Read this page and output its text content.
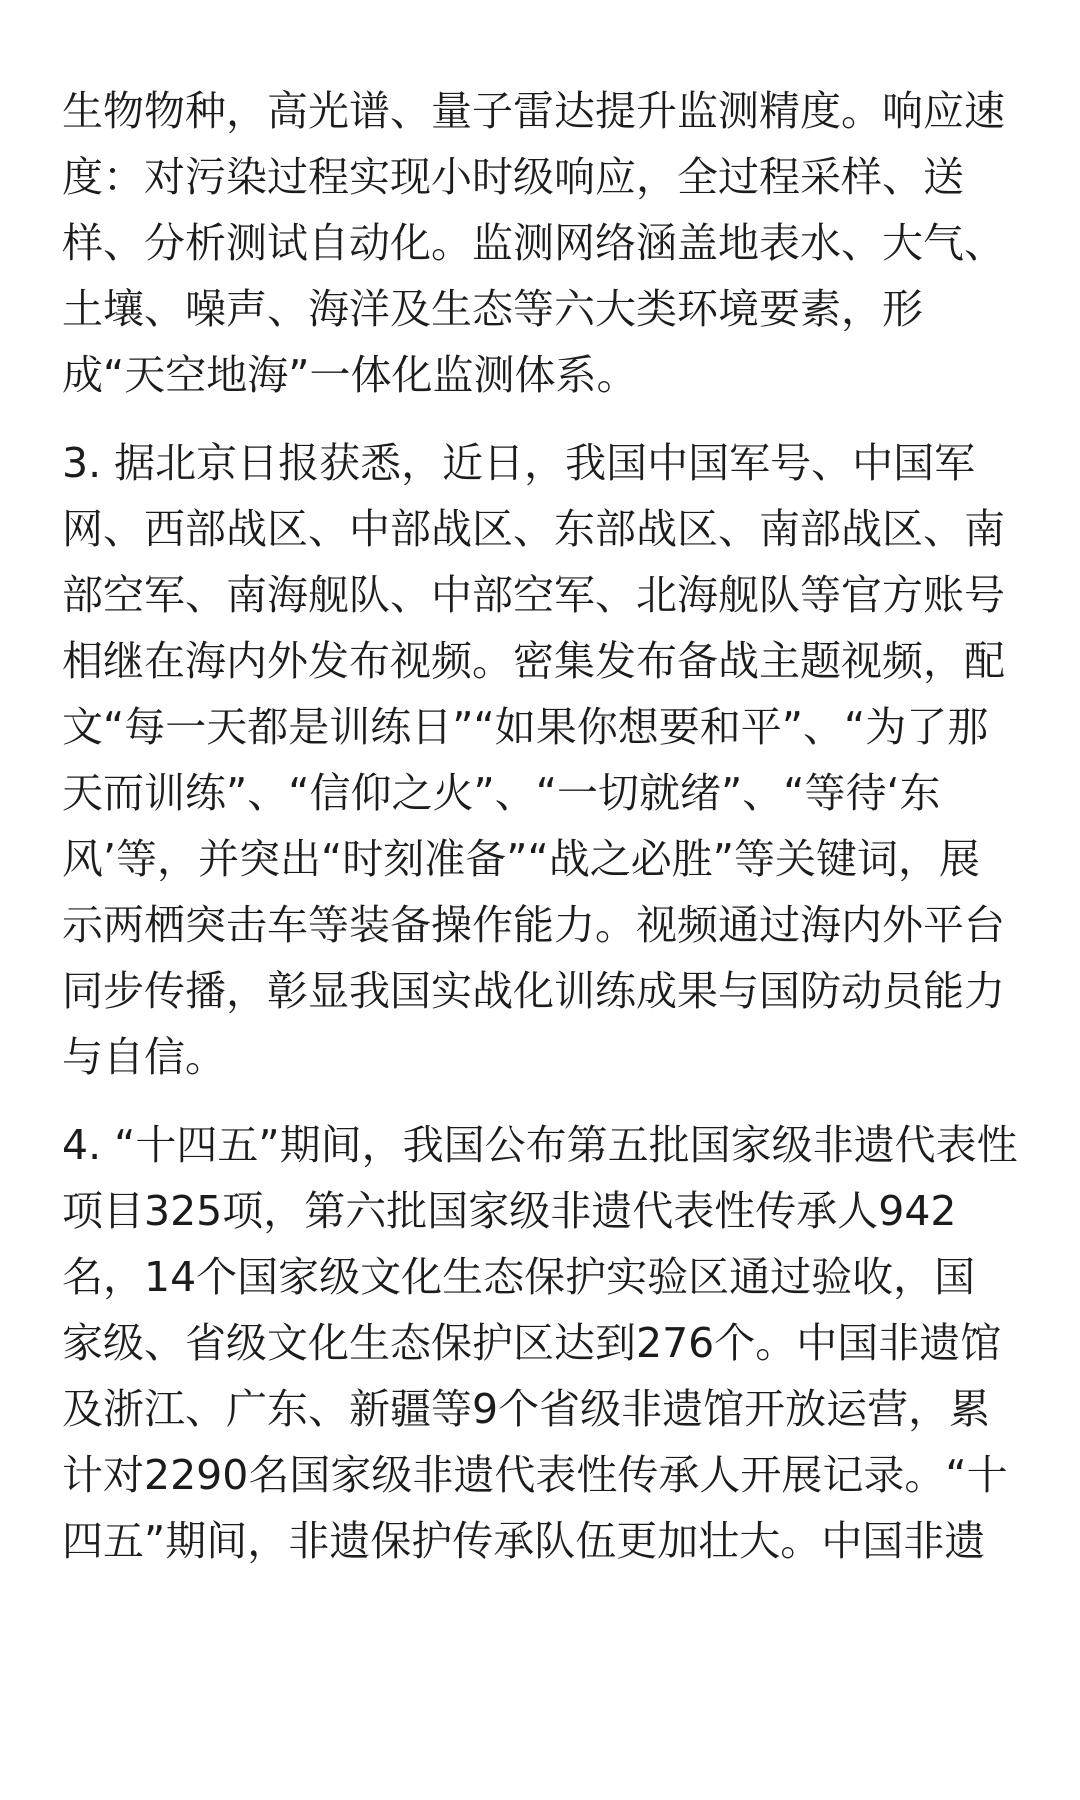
生物物种，高光谱、量子雷达提升监测精度。响应速
度：对污染过程实现小时级响应，全过程采样、送
样、分析测试自动化。监测网络涵盖地表水、大气、
土壤、噪声、海洋及生态等六大类环境要素，形
成“天空地海”一体化监测体系。

3. 据北京日报获悉，近日，我国中国军号、中国军
网、西部战区、中部战区、东部战区、南部战区、南
部空军、南海舰队、中部空军、北海舰队等官方账号
相继在海内外发布视频。密集发布备战主题视频，配
文“每一天都是训练日”“如果你想要和平”、“为了那
天而训练”、“信仰之火”、“一切就绪”、“等待‘东
风’等，并突出“时刻准备”“战之必胜”等关键词，展
示两栖突击车等装备操作能力。视频通过海内外平台
同步传播，彰显我国实战化训练成果与国防动员能力
与自信。

4. “十四五”期间，我国公布第五批国家级非遗代表性
项目325项，第六批国家级非遗代表性传承人942
名，14个国家级文化生态保护实验区通过验收，国
家级、省级文化生态保护区达到276个。中国非遗馆
及浙江、广东、新疆等9个省级非遗馆开放运营，累
计对2290名国家级非遗代表性传承人开展记录。“十
四五”期间，非遗保护传承队伍更加壮大。中国非遗
